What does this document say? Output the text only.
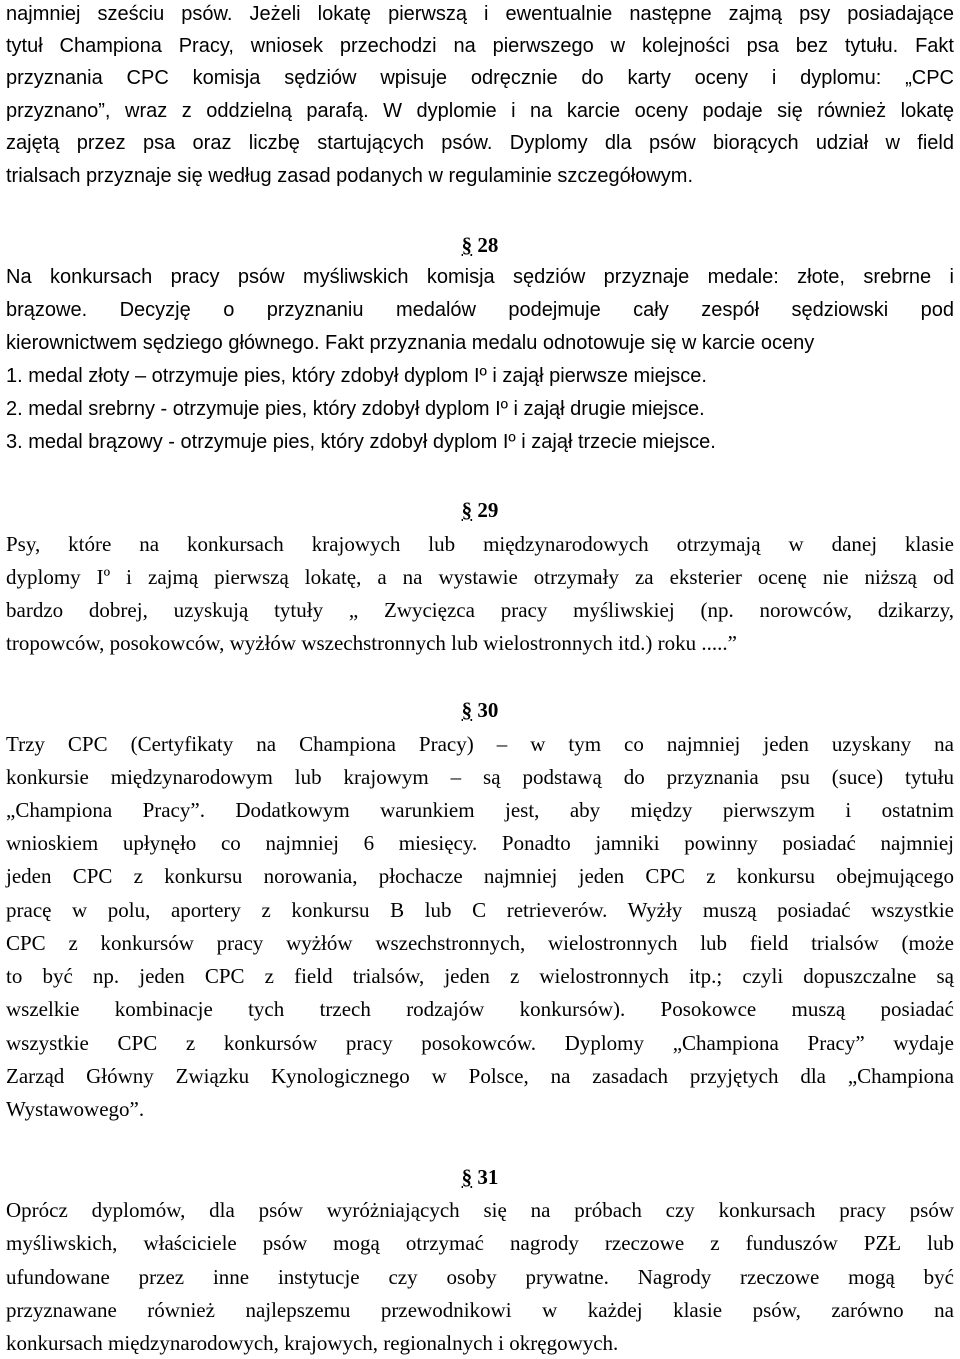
najmniej sześciu psów. Jeżeli lokatę pierwszą i ewentualnie następne zajmą psy posiadające
tytuł Championa Pracy, wniosek przechodzi na pierwszego w kolejności psa bez tytułu. Fakt
przyznania CPC komisja sędziów wpisuje odręcznie do karty oceny i dyplomu: „CPC
przyznano”, wraz z oddzielną parafą. W dyplomie i na karcie oceny podaje się również lokatę
zajętą przez psa oraz liczbę startujących psów. Dyplomy dla psów biorących udział w field
trialsach przyznaje się według zasad podanych w regulaminie szczegółowym.
§ 28
Na konkursach pracy psów myśliwskich komisja sędziów przyznaje medale: złote, srebrne i
brązowe. Decyzję o przyznaniu medalów podejmuje cały zespół sędziowski pod
kierownictwem sędziego głównego. Fakt przyznania medalu odnotowuje się w karcie oceny
1. medal złoty – otrzymuje pies, który zdobył dyplom Iº i zajął pierwsze miejsce.
2. medal srebrny - otrzymuje pies, który zdobył dyplom Iº i zajął drugie miejsce.
3. medal brązowy - otrzymuje pies, który zdobył dyplom Iº i zajął trzecie miejsce.
§ 29
Psy, które na konkursach krajowych lub międzynarodowych otrzymają w danej klasie
dyplomy Iº i zajmą pierwszą lokatę, a na wystawie otrzymały za eksterier ocenę nie niższą od
bardzo dobrej, uzyskują tytuły „ Zwycięzca pracy myśliwskiej (np. norowców, dzikarzy,
tropowców, posokowców, wyżłów wszechstronnych lub wielostronnych itd.) roku .....”
§ 30
Trzy CPC (Certyfikaty na Championa Pracy) – w tym co najmniej jeden uzyskany na
konkursie międzynarodowym lub krajowym – są podstawą do przyznania psu (suce) tytułu
„Championa Pracy”. Dodatkowym warunkiem jest, aby między pierwszym i ostatnim
wnioskiem upłynęło co najmniej 6 miesięcy. Ponadto jamniki powinny posiadać najmniej
jeden CPC z konkursu norowania, płochacze najmniej jeden CPC z konkursu obejmującego
pracę w polu, aportery z konkursu B lub C retrieverów. Wyżły muszą posiadać wszystkie
CPC z konkursów pracy wyżłów wszechstronnych, wielostronnych lub field trialsów (może
to być np. jeden CPC z field trialsów, jeden z wielostronnych itp.; czyli dopuszczalne są
wszelkie kombinacje tych trzech rodzajów konkursów). Posokowce muszą posiadać
wszystkie CPC z konkursów pracy posokowców. Dyplomy „Championa Pracy” wydaje
Zarząd Główny Związku Kynologicznego w Polsce, na zasadach przyjętych dla „Championa
Wystawowego”.
§ 31
Oprócz dyplomów, dla psów wyróżniających się na próbach czy konkursach pracy psów
myśliwskich, właściciele psów mogą otrzymać nagrody rzeczowe z funduszów PZŁ lub
ufundowane przez inne instytucje czy osoby prywatne. Nagrody rzeczowe mogą być
przyznawane również najlepszemu przewodnikowi w każdej klasie psów, zarówno na
konkursach międzynarodowych, krajowych, regionalnych i okręgowych.
